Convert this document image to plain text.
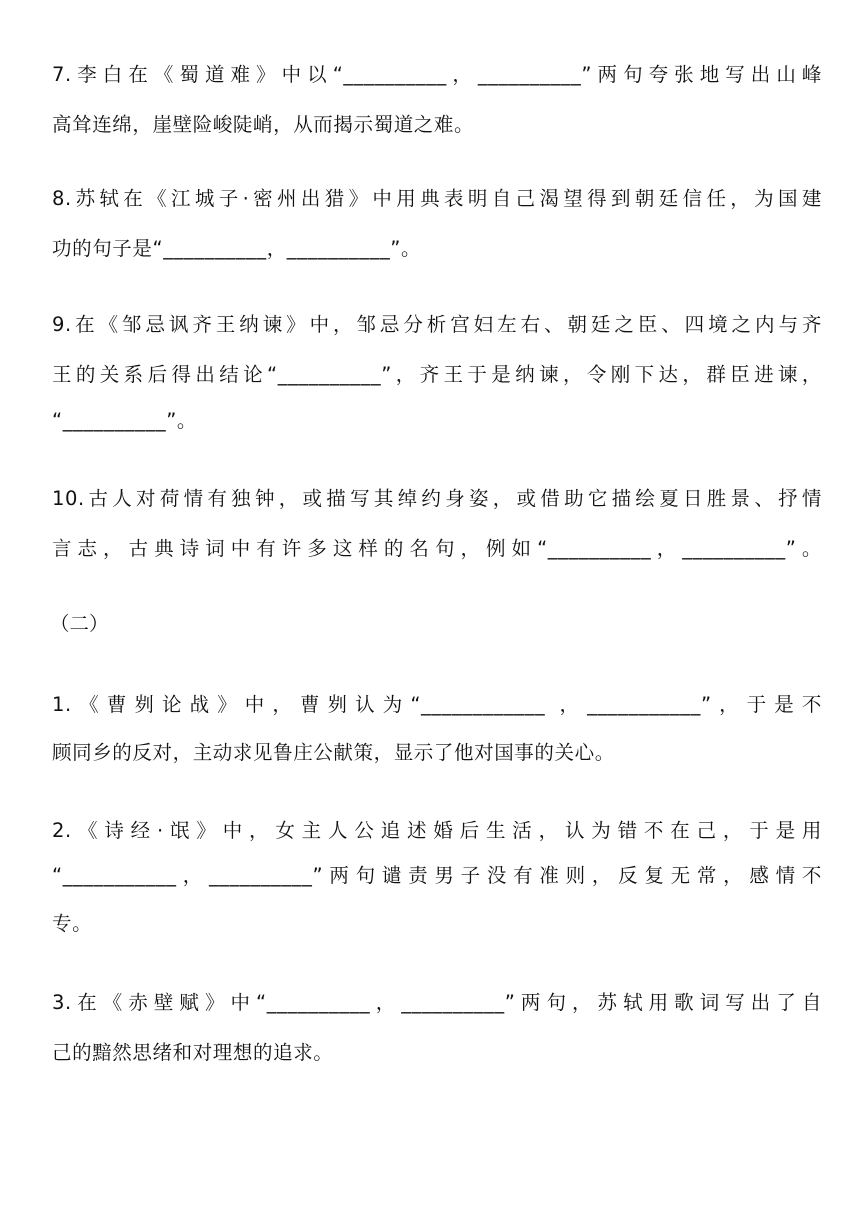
7.李白在《蜀道难》中以“__________，__________”两句夸张地写出山峰
高耸连绵，崖壁险峻陡峭，从而揭示蜀道之难。
8.苏轼在《江城子·密州出猎》中用典表明自己渴望得到朝廷信任，为国建
功的句子是“__________，__________”。
9.在《邹忌讽齐王纳谏》中，邹忌分析宫妇左右、朝廷之臣、四境之内与齐
王的关系后得出结论“__________”，齐王于是纳谏，令刚下达，群臣进谏，
“__________”。
10.古人对荷情有独钟，或描写其绰约身姿，或借助它描绘夏日胜景、抒情
言志，古典诗词中有许多这样的名句，例如“__________，__________”。
（二）
1.《曹刿论战》中，曹刿认为“____________ ，___________”，于是不
顾同乡的反对，主动求见鲁庄公献策，显示了他对国事的关心。
2.《诗经·氓》中，女主人公追述婚后生活，认为错不在己，于是用
“___________，__________”两句谴责男子没有准则，反复无常，感情不
专。
3.在《赤壁赋》中“__________，__________”两句，苏轼用歌词写出了自
己的黯然思绪和对理想的追求。
